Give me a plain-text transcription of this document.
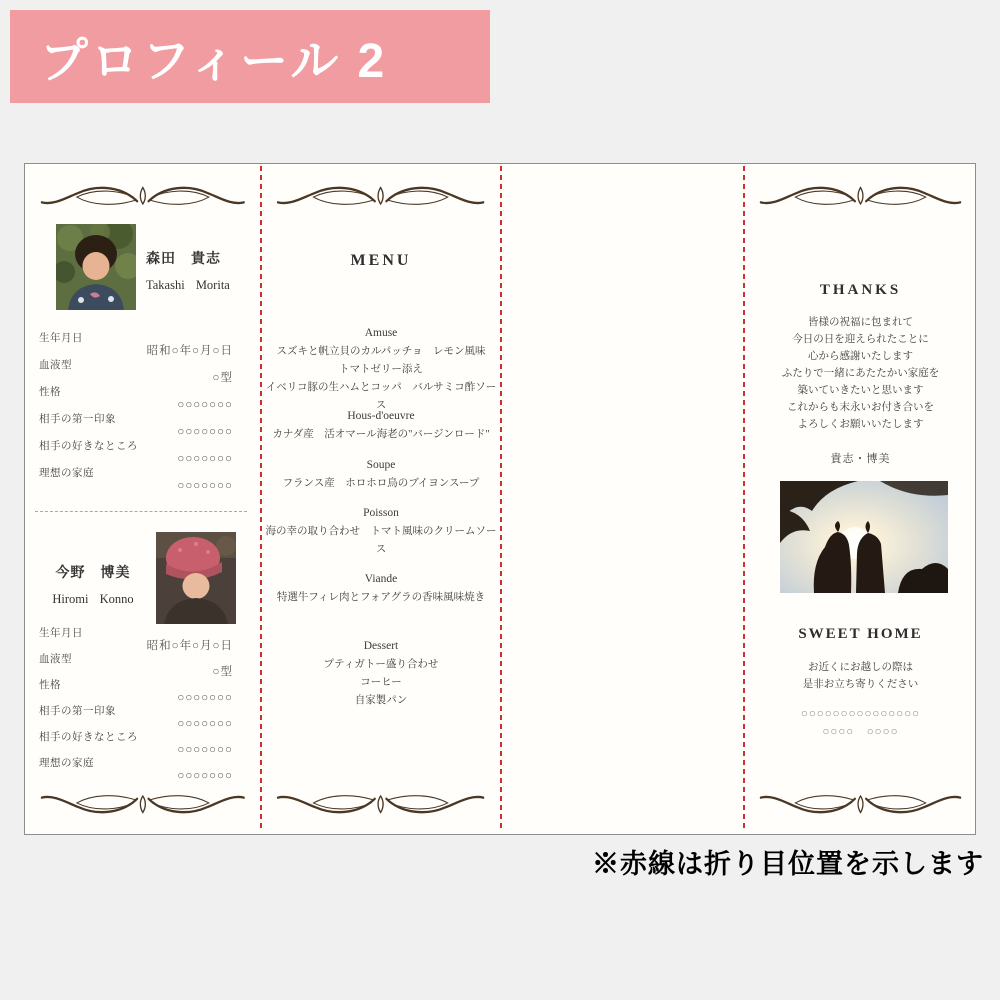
プロフィール 2
森田　貴志
Takashi Morita
生年月日
昭和○年○月○日
血液型
○型
性格
○○○○○○○
相手の第一印象
○○○○○○○
相手の好きなところ
○○○○○○○
理想の家庭
○○○○○○○
今野　博美
Hiromi Konno
生年月日
昭和○年○月○日
血液型
○型
性格
○○○○○○○
相手の第一印象
○○○○○○○
相手の好きなところ
○○○○○○○
理想の家庭
○○○○○○○
MENU
Amuse
スズキと帆立貝のカルパッチョ　レモン風味
トマトゼリー添え
イベリコ豚の生ハムとコッパ　バルサミコ酢ソース
Hous-d'oeuvre
カナダ産　活オマール海老の"バージンロード"
Soupe
フランス産　ホロホロ鳥のブイヨンスープ
Poisson
海の幸の取り合わせ　トマト風味のクリームソース
Viande
特選牛フィレ肉とフォアグラの香味風味焼き
Dessert
プティガトー盛り合わせ
コーヒー
自家製パン
THANKS
皆様の祝福に包まれて
今日の日を迎えられたことに
心から感謝いたします
ふたりで一緒にあたたかい家庭を
築いていきたいと思います
これからも末永いお付き合いを
よろしくお願いいたします
貴志・博美
SWEET HOME
お近くにお越しの際は
是非お立ち寄りください
○○○○○○○○○○○○○○○
○○○○　○○○○
※赤線は折り目位置を示します
